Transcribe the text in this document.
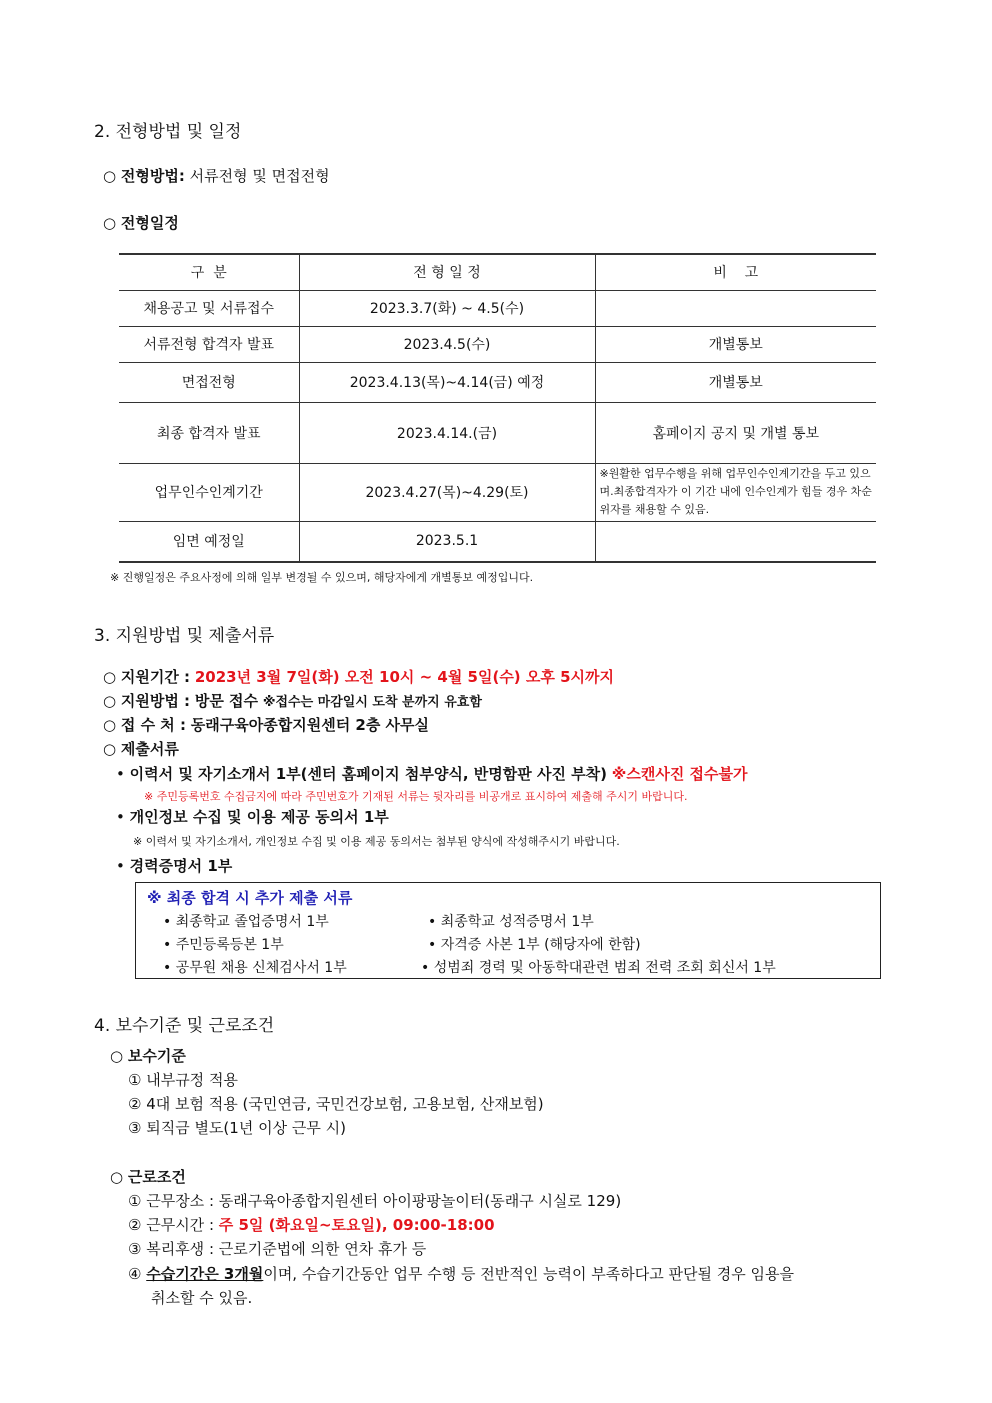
2. 전형방법 및 일정
○ 전형방법: 서류전형 및 면접전형
○ 전형일정
구  분	전 형 일 정	비    고
채용공고 및 서류접수	2023.3.7(화) ~ 4.5(수)	
서류전형 합격자 발표	2023.4.5(수)	개별통보
면접전형	2023.4.13(목)~4.14(금) 예정	개별통보
최종 합격자 발표	2023.4.14.(금)	홈페이지 공지 및 개별 통보
업무인수인계기간	2023.4.27(목)~4.29(토)	※원활한 업무수행을 위해 업무인수인계기간을 두고 있으며.최종합격자가 이 기간 내에 인수인계가 힘들 경우 차순위자를 채용할 수 있음.
임면 예정일	2023.5.1	
※ 진행일정은 주요사정에 의해 일부 변경될 수 있으며, 해당자에게 개별통보 예정입니다.
3. 지원방법 및 제출서류
○ 지원기간 : 2023년 3월 7일(화) 오전 10시 ~ 4월 5일(수) 오후 5시까지
○ 지원방법 : 방문 접수 ※접수는 마감일시 도착 분까지 유효함
○ 접 수 처 : 동래구육아종합지원센터 2층 사무실
○ 제출서류
• 이력서 및 자기소개서 1부(센터 홈페이지 첨부양식, 반명함판 사진 부착) ※스캔사진 접수불가
※ 주민등록번호 수집금지에 따라 주민번호가 기재된 서류는 뒷자리를 비공개로 표시하여 제출해 주시기 바랍니다.
• 개인정보 수집 및 이용 제공 동의서 1부
※ 이력서 및 자기소개서, 개인정보 수집 및 이용 제공 동의서는 첨부된 양식에 작성해주시기 바랍니다.
• 경력증명서 1부
※ 최종 합격 시 추가 제출 서류
• 최종학교 졸업증명서 1부	• 최종학교 성적증명서 1부
• 주민등록등본 1부	• 자격증 사본 1부 (해당자에 한함)
• 공무원 채용 신체검사서 1부	• 성범죄 경력 및 아동학대관련 범죄 전력 조회 회신서 1부
4. 보수기준 및 근로조건
○ 보수기준
① 내부규정 적용
② 4대 보험 적용 (국민연금, 국민건강보험, 고용보험, 산재보험)
③ 퇴직금 별도(1년 이상 근무 시)
○ 근로조건
① 근무장소 : 동래구육아종합지원센터 아이팡팡놀이터(동래구 시실로 129)
② 근무시간 : 주 5일 (화요일~토요일), 09:00-18:00
③ 복리후생 : 근로기준법에 의한 연차 휴가 등
④ 수습기간은 3개월이며, 수습기간동안 업무 수행 등 전반적인 능력이 부족하다고 판단될 경우 임용을
취소할 수 있음.
